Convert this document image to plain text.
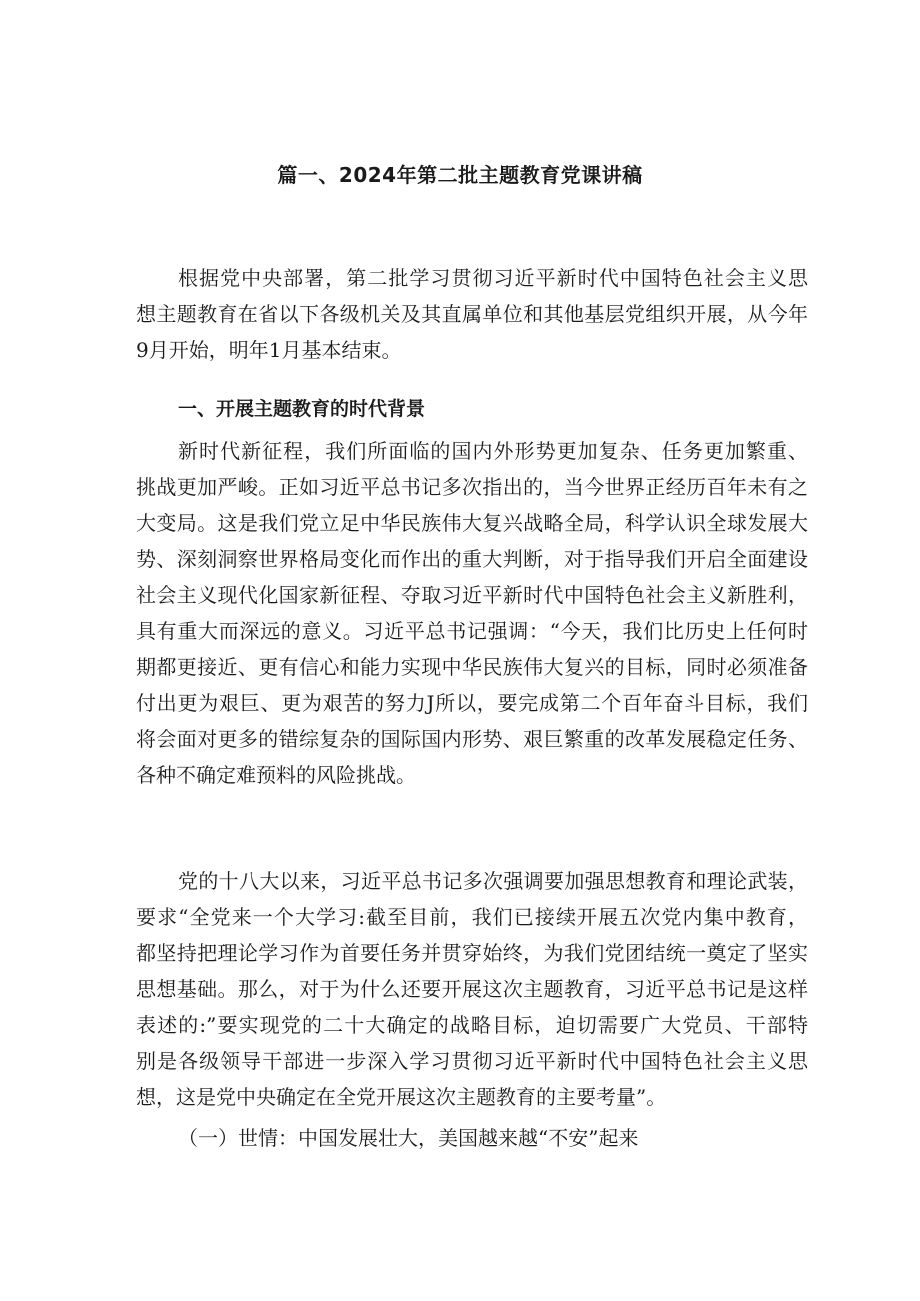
篇一、2024年第二批主题教育党课讲稿
根据党中央部署，第二批学习贯彻习近平新时代中国特色社会主义思
想主题教育在省以下各级机关及其直属单位和其他基层党组织开展，从今年
9月开始，明年1月基本结束。
一、开展主题教育的时代背景
新时代新征程，我们所面临的国内外形势更加复杂、任务更加繁重、
挑战更加严峻。正如习近平总书记多次指出的，当今世界正经历百年未有之
大变局。这是我们党立足中华民族伟大复兴战略全局，科学认识全球发展大
势、深刻洞察世界格局变化而作出的重大判断，对于指导我们开启全面建设
社会主义现代化国家新征程、夺取习近平新时代中国特色社会主义新胜利，
具有重大而深远的意义。习近平总书记强调：“今天，我们比历史上任何时
期都更接近、更有信心和能力实现中华民族伟大复兴的目标，同时必须准备
付出更为艰巨、更为艰苦的努力J所以，要完成第二个百年奋斗目标，我们
将会面对更多的错综复杂的国际国内形势、艰巨繁重的改革发展稳定任务、
各种不确定难预料的风险挑战。
党的十八大以来，习近平总书记多次强调要加强思想教育和理论武装，
要求“全党来一个大学习:截至目前，我们已接续开展五次党内集中教育，
都坚持把理论学习作为首要任务并贯穿始终，为我们党团结统一奠定了坚实
思想基础。那么，对于为什么还要开展这次主题教育，习近平总书记是这样
表述的:”要实现党的二十大确定的战略目标，迫切需要广大党员、干部特
别是各级领导干部进一步深入学习贯彻习近平新时代中国特色社会主义思
想，这是党中央确定在全党开展这次主题教育的主要考量”。
（一）世情：中国发展壮大，美国越来越“不安”起来
